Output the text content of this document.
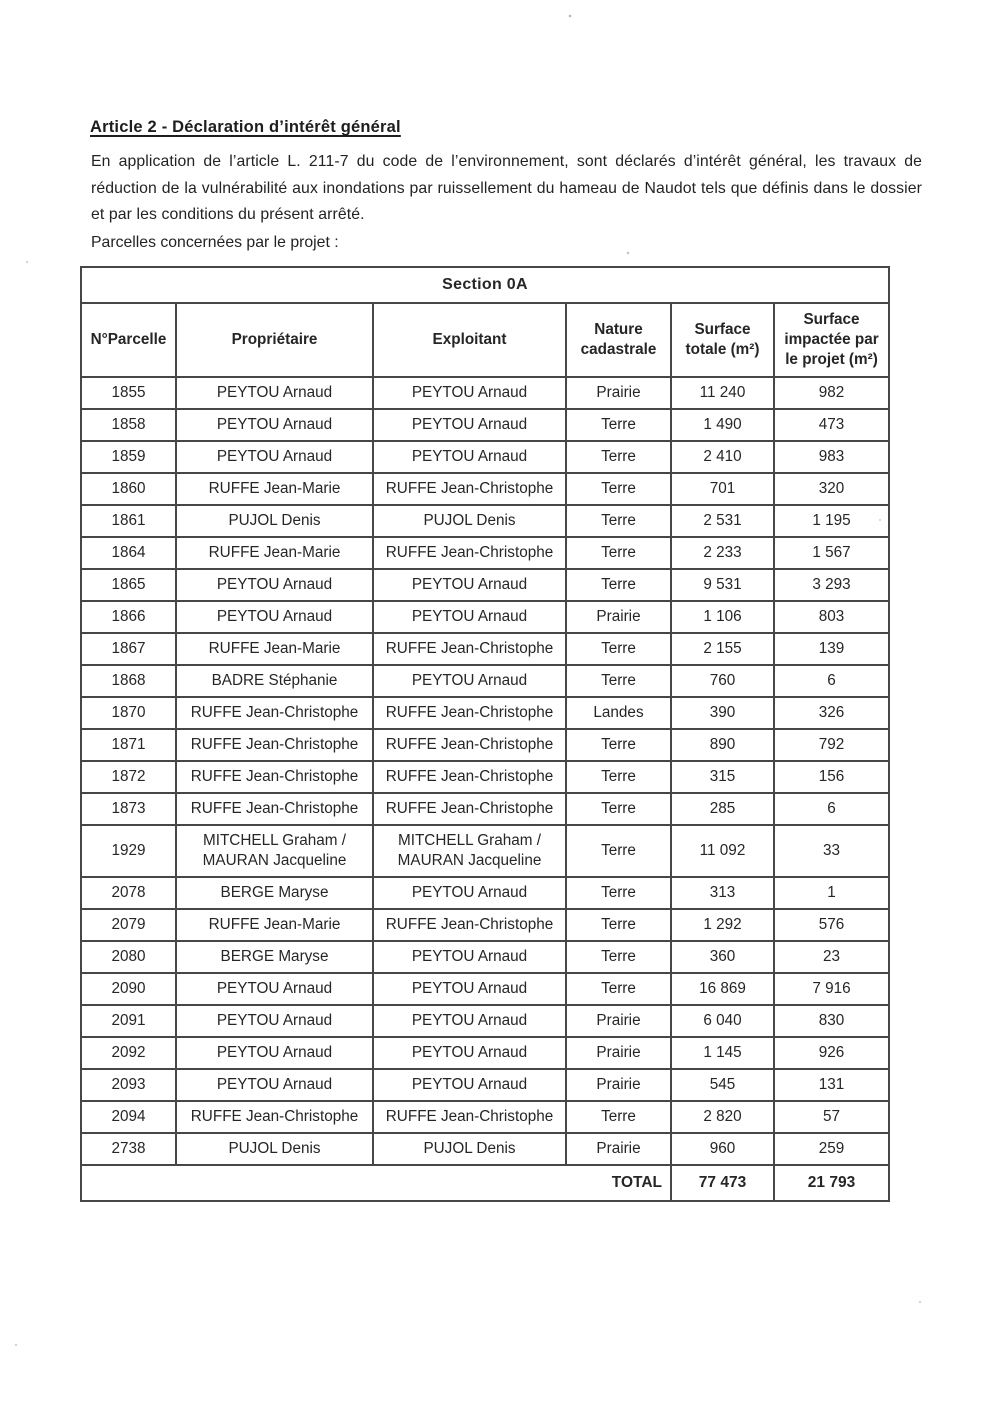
Article 2 - Déclaration d’intérêt général

En application de l’article L. 211-7 du code de l’environnement, sont déclarés d’intérêt général, les travaux de réduction de la vulnérabilité aux inondations par ruissellement du hameau de Naudot tels que définis dans le dossier et par les conditions du présent arrêté.

Parcelles concernées par le projet :

Section 0A					
N°Parcelle	Propriétaire	Exploitant	Nature cadastrale	Surface totale (m²)	Surface impactée par le projet (m²)
1855	PEYTOU Arnaud	PEYTOU Arnaud	Prairie	11 240	982
1858	PEYTOU Arnaud	PEYTOU Arnaud	Terre	1 490	473
1859	PEYTOU Arnaud	PEYTOU Arnaud	Terre	2 410	983
1860	RUFFE Jean-Marie	RUFFE Jean-Christophe	Terre	701	320
1861	PUJOL Denis	PUJOL Denis	Terre	2 531	1 195
1864	RUFFE Jean-Marie	RUFFE Jean-Christophe	Terre	2 233	1 567
1865	PEYTOU Arnaud	PEYTOU Arnaud	Terre	9 531	3 293
1866	PEYTOU Arnaud	PEYTOU Arnaud	Prairie	1 106	803
1867	RUFFE Jean-Marie	RUFFE Jean-Christophe	Terre	2 155	139
1868	BADRE Stéphanie	PEYTOU Arnaud	Terre	760	6
1870	RUFFE Jean-Christophe	RUFFE Jean-Christophe	Landes	390	326
1871	RUFFE Jean-Christophe	RUFFE Jean-Christophe	Terre	890	792
1872	RUFFE Jean-Christophe	RUFFE Jean-Christophe	Terre	315	156
1873	RUFFE Jean-Christophe	RUFFE Jean-Christophe	Terre	285	6
1929	MITCHELL Graham / MAURAN Jacqueline	MITCHELL Graham / MAURAN Jacqueline	Terre	11 092	33
2078	BERGE Maryse	PEYTOU Arnaud	Terre	313	1
2079	RUFFE Jean-Marie	RUFFE Jean-Christophe	Terre	1 292	576
2080	BERGE Maryse	PEYTOU Arnaud	Terre	360	23
2090	PEYTOU Arnaud	PEYTOU Arnaud	Terre	16 869	7 916
2091	PEYTOU Arnaud	PEYTOU Arnaud	Prairie	6 040	830
2092	PEYTOU Arnaud	PEYTOU Arnaud	Prairie	1 145	926
2093	PEYTOU Arnaud	PEYTOU Arnaud	Prairie	545	131
2094	RUFFE Jean-Christophe	RUFFE Jean-Christophe	Terre	2 820	57
2738	PUJOL Denis	PUJOL Denis	Prairie	960	259
TOTAL				77 473	21 793
